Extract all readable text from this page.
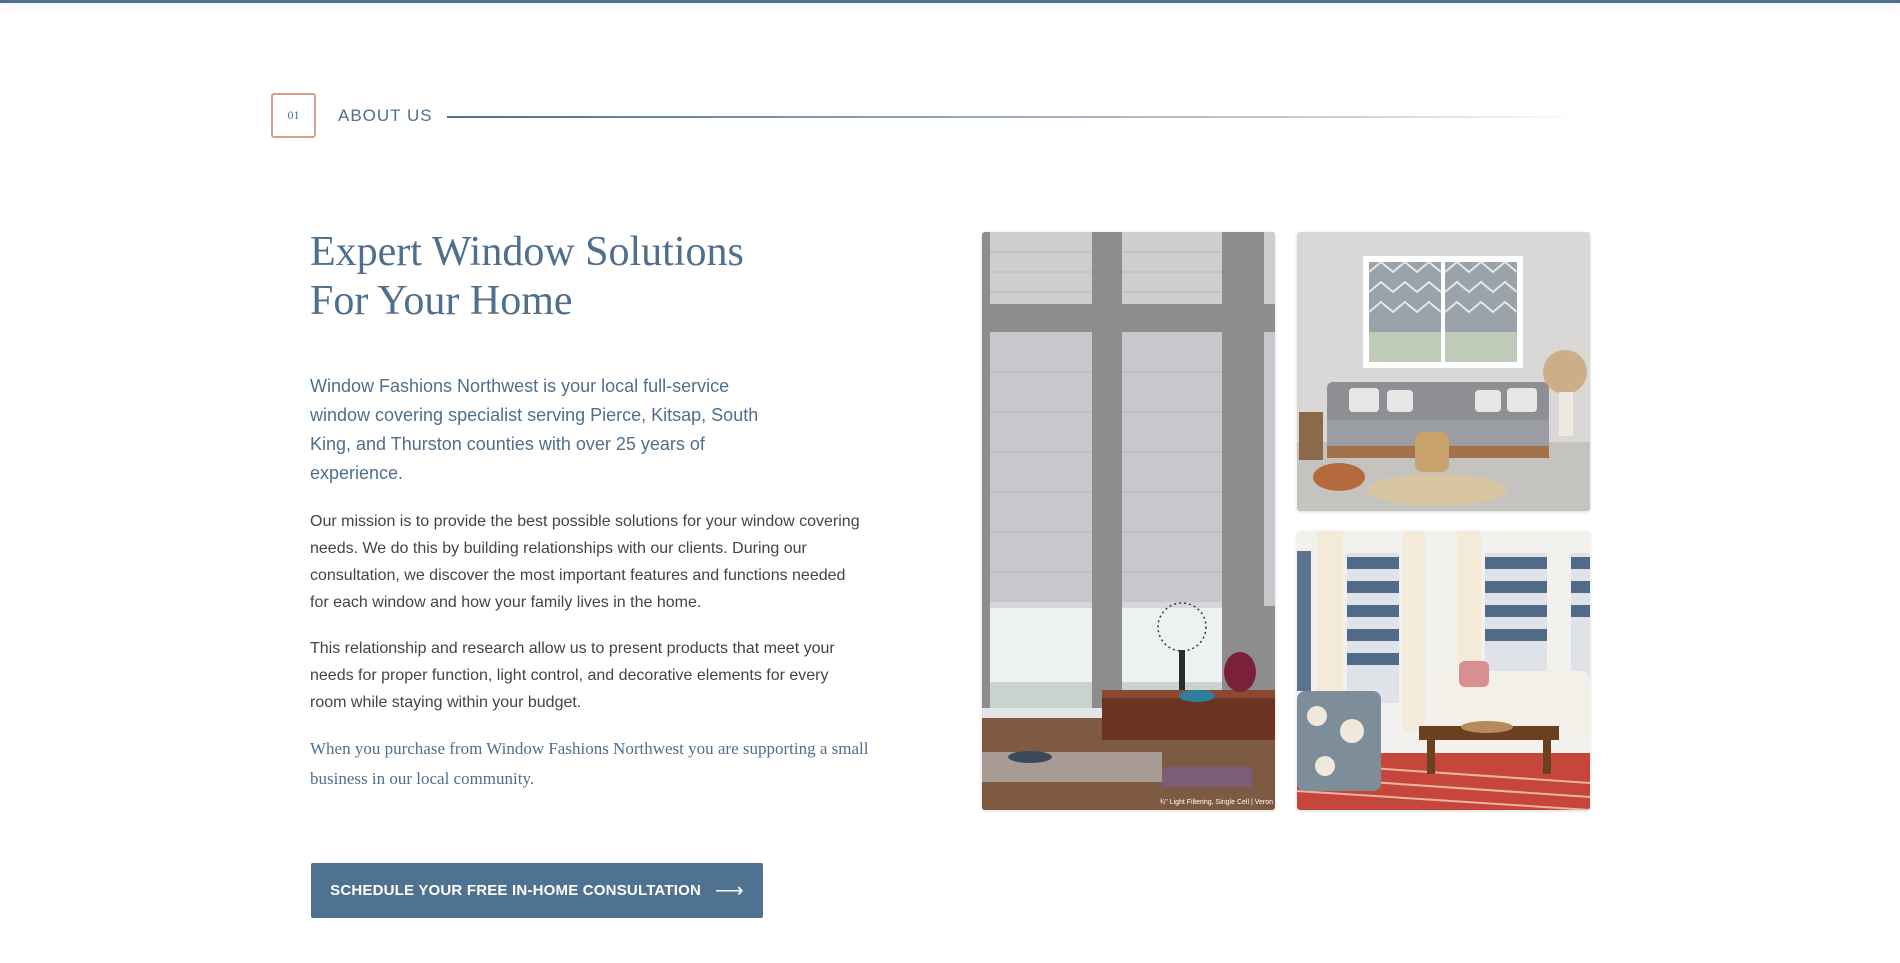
01 ABOUT US
Expert Window Solutions
For Your Home

Window Fashions Northwest is your local full-service window covering specialist serving Pierce, Kitsap, South King, and Thurston counties with over 25 years of experience.

Our mission is to provide the best possible solutions for your window covering needs. We do this by building relationships with our clients. During our consultation, we discover the most important features and functions needed for each window and how your family lives in the home.

This relationship and research allow us to present products that meet your needs for proper function, light control, and decorative elements for every room while staying within your budget.

When you purchase from Window Fashions Northwest you are supporting a small business in our local community.

SCHEDULE YOUR FREE IN-HOME CONSULTATION ⟶
¾" Light Filtering, Single Cell | Veron
